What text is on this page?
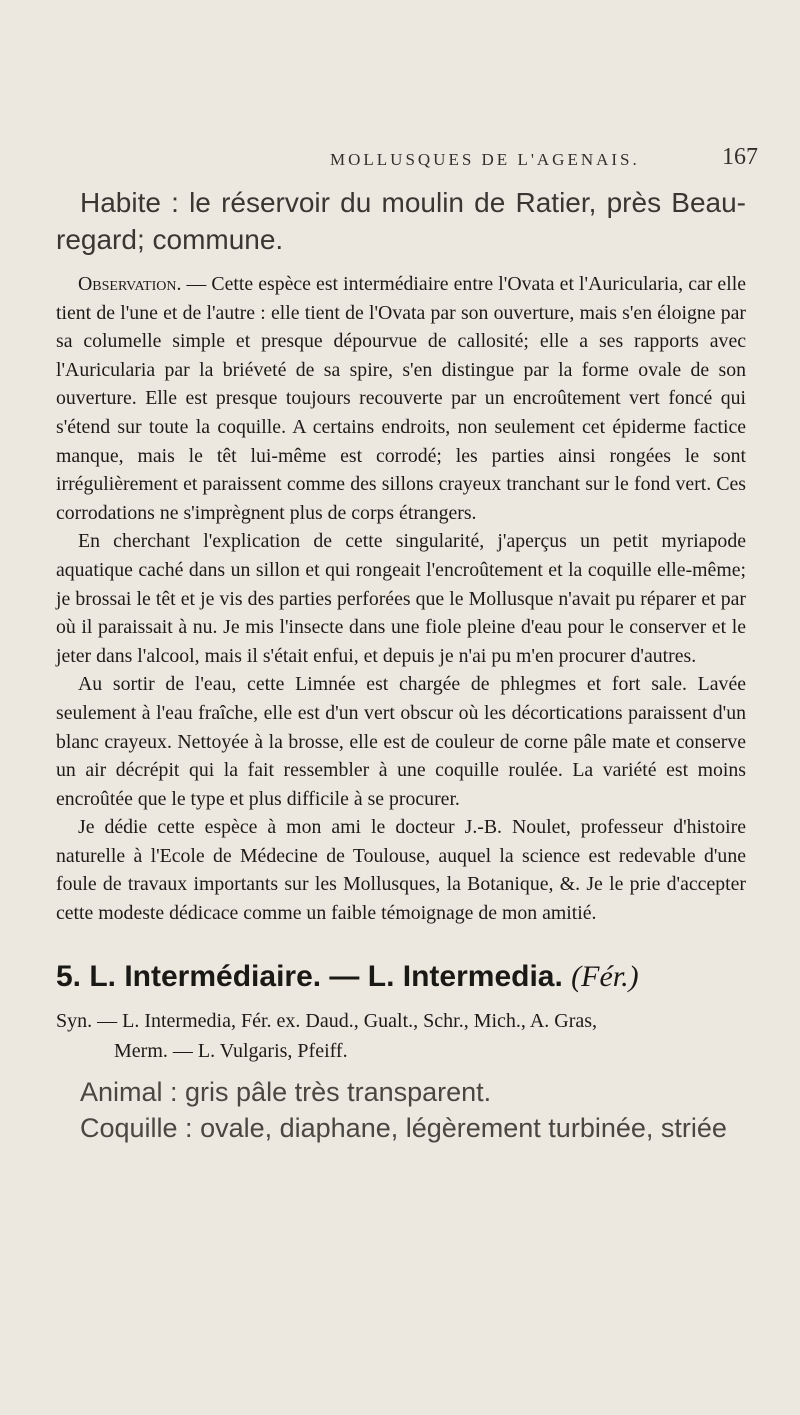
MOLLUSQUES DE L'AGENAIS.	167

Habite : le réservoir du moulin de Ratier, près Beau-regard; commune.

Observation. — Cette espèce est intermédiaire entre l'Ovata et l'Auricularia, car elle tient de l'une et de l'autre : elle tient de l'Ovata par son ouverture, mais s'en éloigne par sa columelle simple et presque dépourvue de callosité; elle a ses rapports avec l'Auricularia par la briéveté de sa spire, s'en distingue par la forme ovale de son ouverture. Elle est presque toujours recouverte par un encroûtement vert foncé qui s'étend sur toute la coquille. A certains endroits, non seulement cet épiderme factice manque, mais le têt lui-même est corrodé; les parties ainsi rongées le sont irrégulièrement et paraissent comme des sillons crayeux tranchant sur le fond vert. Ces corrodations ne s'imprègnent plus de corps étrangers.

En cherchant l'explication de cette singularité, j'aperçus un petit myriapode aquatique caché dans un sillon et qui rongeait l'encroûtement et la coquille elle-même; je brossai le têt et je vis des parties perforées que le Mollusque n'avait pu réparer et par où il paraissait à nu. Je mis l'insecte dans une fiole pleine d'eau pour le conserver et le jeter dans l'alcool, mais il s'était enfui, et depuis je n'ai pu m'en procurer d'autres.

Au sortir de l'eau, cette Limnée est chargée de phlegmes et fort sale. Lavée seulement à l'eau fraîche, elle est d'un vert obscur où les décortications paraissent d'un blanc crayeux. Nettoyée à la brosse, elle est de couleur de corne pâle mate et conserve un air décrépit qui la fait ressembler à une coquille roulée. La variété est moins encroûtée que le type et plus difficile à se procurer.

Je dédie cette espèce à mon ami le docteur J.-B. Noulet, professeur d'histoire naturelle à l'Ecole de Médecine de Toulouse, auquel la science est redevable d'une foule de travaux importants sur les Mollusques, la Botanique, &. Je le prie d'accepter cette modeste dédicace comme un faible témoignage de mon amitié.

5. L. Intermédiaire. — L. Intermedia. (Fér.)

Syn. — L. Intermedia, Fér. ex. Daud., Gualt., Schr., Mich., A. Gras,
Merm. — L. Vulgaris, Pfeiff.

Animal : gris pâle très transparent.

Coquille : ovale, diaphane, légèrement turbinée, striée
